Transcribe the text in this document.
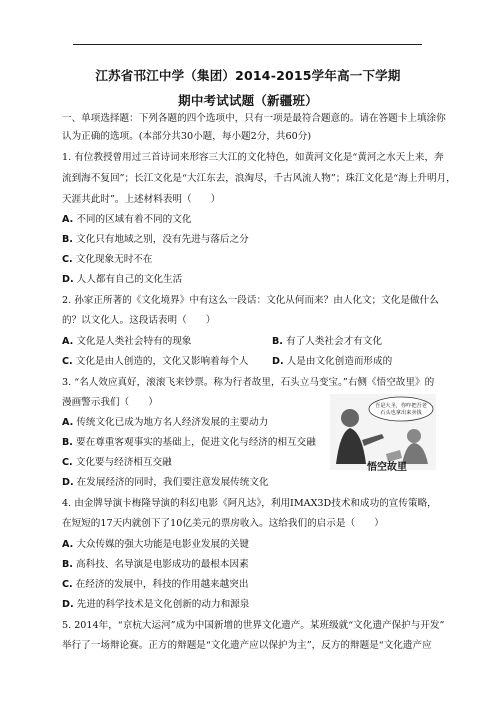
江苏省邗江中学（集团）2014-2015学年高一下学期
期中考试试题（新疆班）
一、单项选择题：下列各题的四个选项中，只有一项是最符合题意的。请在答题卡上填涂你
认为正确的选项。(本部分共30小题，每小题2分，共60分)
1. 有位教授曾用过三首诗词来形容三大江的文化特色，如黄河文化是“黄河之水天上来，奔
流到海不复回”；长江文化是“大江东去，浪淘尽，千古风流人物”；珠江文化是“海上升明月，
天涯共此时”。上述材料表明（　　）
A. 不同的区域有着不同的文化
B. 文化只有地域之别，没有先进与落后之分
C. 文化现象无时不在
D. 人人都有自己的文化生活
2. 孙家正所著的《文化境界》中有这么一段话：文化从何而来？由人化文；文化是做什么
的？以文化人。这段话表明（　　）
A. 文化是人类社会特有的现象	B. 有了人类社会才有文化
C. 文化是由人创造的，文化又影响着每个人	D. 人是由文化创造而形成的
3. “名人效应真好，滚滚飞来钞票。称为行者故里，石头立马变宝。”右侧《悟空故里》的
漫画警示我们（　　）
A. 传统文化已成为地方名人经济发展的主要动力
B. 要在尊重客观事实的基础上，促进文化与经济的相互交融
C. 文化要与经济相互交融
D. 在发展经济的同时，我们要注意发展传统文化
吾是大圣，你咋把吾老
石头也拿出来卖钱
悟空故里
4. 由金牌导演卡梅隆导演的科幻电影《阿凡达》，利用IMAX3D技术和成功的宣传策略，
在短短的17天内就创下了10亿美元的票房收入。这给我们的启示是（　　）
A. 大众传媒的强大功能是电影业发展的关键
B. 高科技、名导演是电影成功的最根本因素
C. 在经济的发展中，科技的作用越来越突出
D. 先进的科学技术是文化创新的动力和源泉
5. 2014年，“京杭大运河”成为中国新增的世界文化遗产。某班级就“文化遗产保护与开发”
举行了一场辩论赛。正方的辩题是“文化遗产应以保护为主”，反方的辩题是“文化遗产应
